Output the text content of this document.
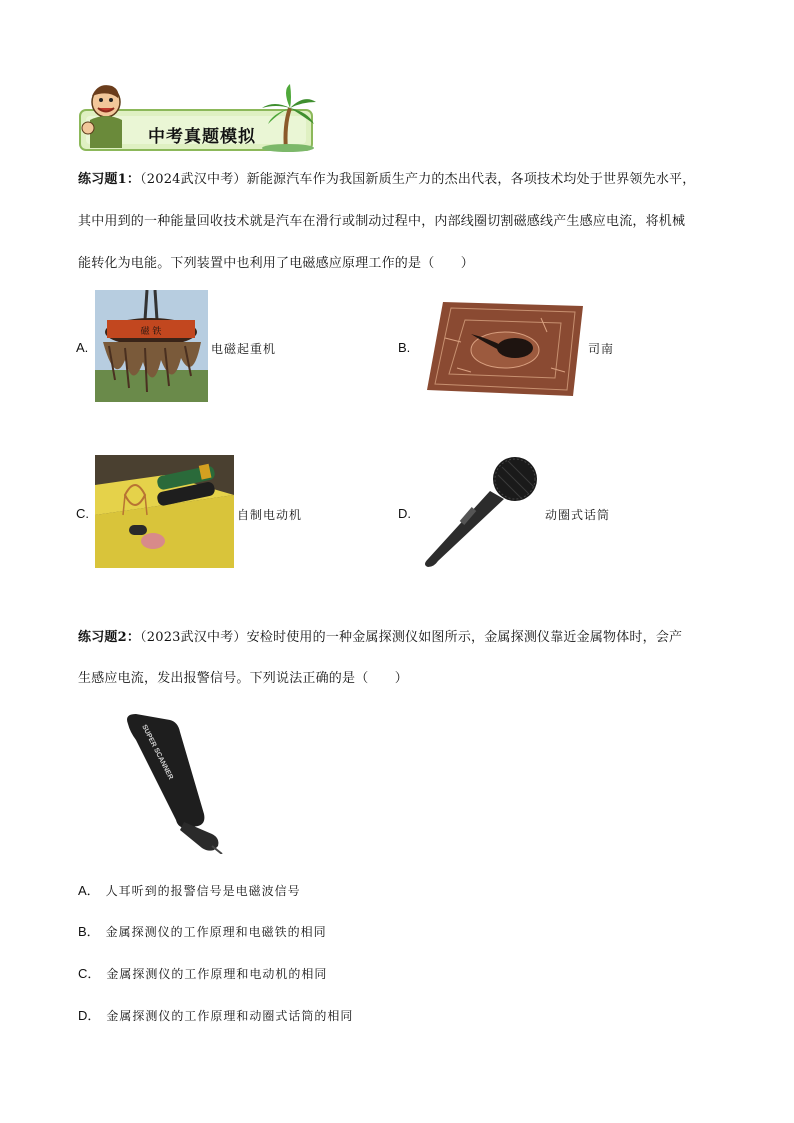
中考真题模拟
练习题1：（2024武汉中考）新能源汽车作为我国新质生产力的杰出代表，各项技术均处于世界领先水平，
其中用到的一种能量回收技术就是汽车在滑行或制动过程中，内部线圈切割磁感线产生感应电流，将机械
能转化为电能。下列装置中也利用了电磁感应原理工作的是（　　）
A.
磁 铁
电磁起重机	B.	司南
C.	自制电动机	D.	动圈式话筒
练习题2：（2023武汉中考）安检时使用的一种金属探测仪如图所示，金属探测仪靠近金属物体时，会产
生感应电流，发出报警信号。下列说法正确的是（　　）
SUPER SCANNER
A． 人耳听到的报警信号是电磁波信号
B． 金属探测仪的工作原理和电磁铁的相同
C． 金属探测仪的工作原理和电动机的相同
D． 金属探测仪的工作原理和动圈式话筒的相同
